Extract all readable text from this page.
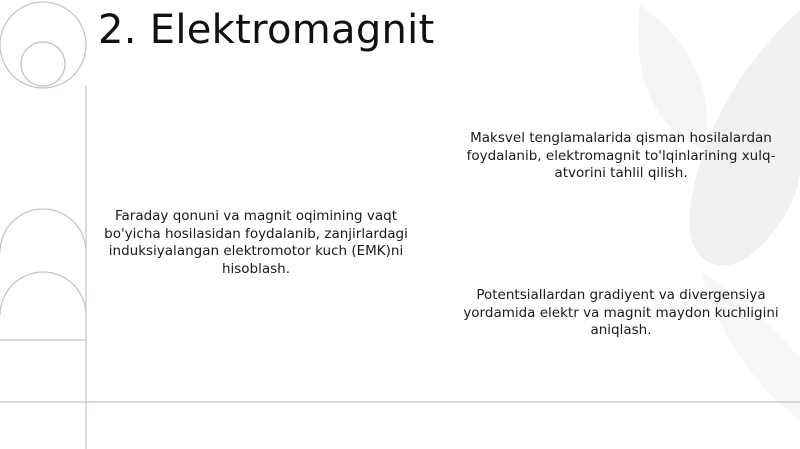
2. Elektromagnit

Faraday qonuni va magnit oqimining vaqt bo'yicha hosilasidan foydalanib, zanjirlardagi induksiyalangan elektromotor kuch (EMK)ni hisoblash.

Maksvel tenglamalarida qisman hosilalardan foydalanib, elektromagnit to'lqinlarining xulq-atvorini tahlil qilish.

Potentsiallardan gradiyent va divergensiya yordamida elektr va magnit maydon kuchligini aniqlash.
